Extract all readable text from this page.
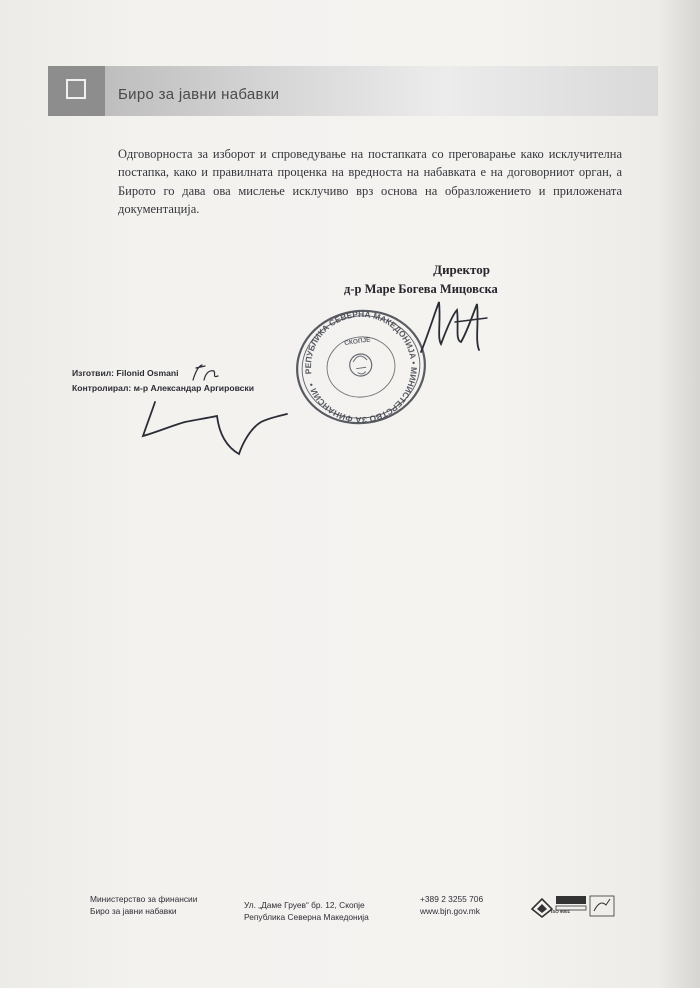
Биро за јавни набавки
Одговорноста за изборот и спроведување на постапката со преговарање како исклучителна постапка, како и правилната проценка на вредноста на набавката е на договорниот орган, а Бирото го дава ова мислење исклучиво врз основа на образложението и приложената документација.
Директор
д-р Маре Богева Мицовска
РЕПУБЛИКА СЕВЕРНА МАКЕДОНИЈА • МИНИСТЕРСТВО ЗА ФИНАНСИИ •
СКОПЈЕ
Изготвил: Filonid Osmani
Контролирал: м-р Александар Аргировски
Министерство за финансии
Биро за јавни набавки
Ул. „Даме Груев“ бр. 12, Скопје
Република Северна Македонија
+389 2 3255 706
www.bjn.gov.mk	ISO 9001
